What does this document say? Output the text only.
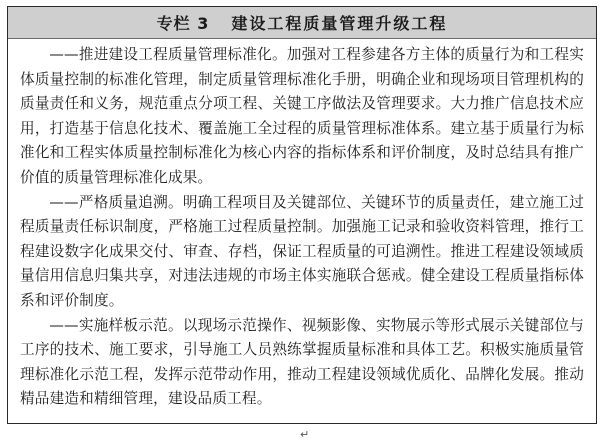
专栏 3 建设工程质量管理升级工程

——推进建设工程质量管理标准化。加强对工程参建各方主体的质量行为和工程实体质量控制的标准化管理，制定质量管理标准化手册，明确企业和现场项目管理机构的质量责任和义务，规范重点分项工程、关键工序做法及管理要求。大力推广信息技术应用，打造基于信息化技术、覆盖施工全过程的质量管理标准体系。建立基于质量行为标准化和工程实体质量控制标准化为核心内容的指标体系和评价制度，及时总结具有推广价值的质量管理标准化成果。

——严格质量追溯。明确工程项目及关键部位、关键环节的质量责任，建立施工过程质量责任标识制度，严格施工过程质量控制。加强施工记录和验收资料管理，推行工程建设数字化成果交付、审查、存档，保证工程质量的可追溯性。推进工程建设领域质量信用信息归集共享，对违法违规的市场主体实施联合惩戒。健全建设工程质量指标体系和评价制度。

——实施样板示范。以现场示范操作、视频影像、实物展示等形式展示关键部位与工序的技术、施工要求，引导施工人员熟练掌握质量标准和具体工艺。积极实施质量管理标准化示范工程，发挥示范带动作用，推动工程建设领域优质化、品牌化发展。推动精品建造和精细管理，建设品质工程。

↵
